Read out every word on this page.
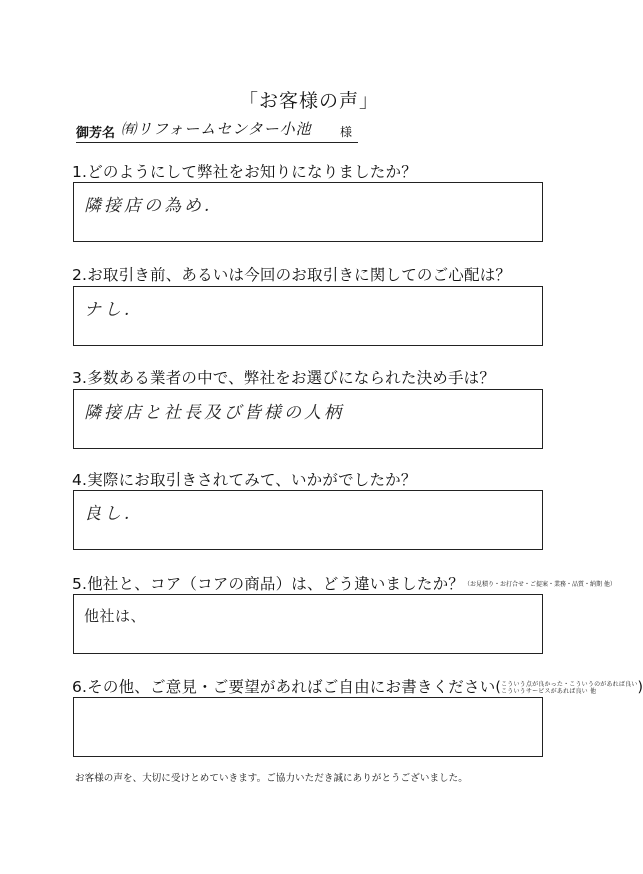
「お客様の声」
御芳名 ㈲リフォームセンター小池 様
1.どのようにして弊社をお知りになりましたか？
隣接店の為め.
2.お取引き前、あるいは今回のお取引きに関してのご心配は？
ナし.
3.多数ある業者の中で、弊社をお選びになられた決め手は？
隣接店と社長及び皆様の人柄
4.実際にお取引きされてみて、いかがでしたか？
良し.
5.他社と、コア（コアの商品）は、どう違いましたか？（お見積り・お打合せ・ご提案・業務・品質・納期 他）
他社は、
6.その他、ご意見・ご要望があればご自由にお書きください(こういう点が良かった・こういうのがあれば良い
こういうサービスがあれば良い 他	)
お客様の声を、大切に受けとめていきます。ご協力いただき誠にありがとうございました。
